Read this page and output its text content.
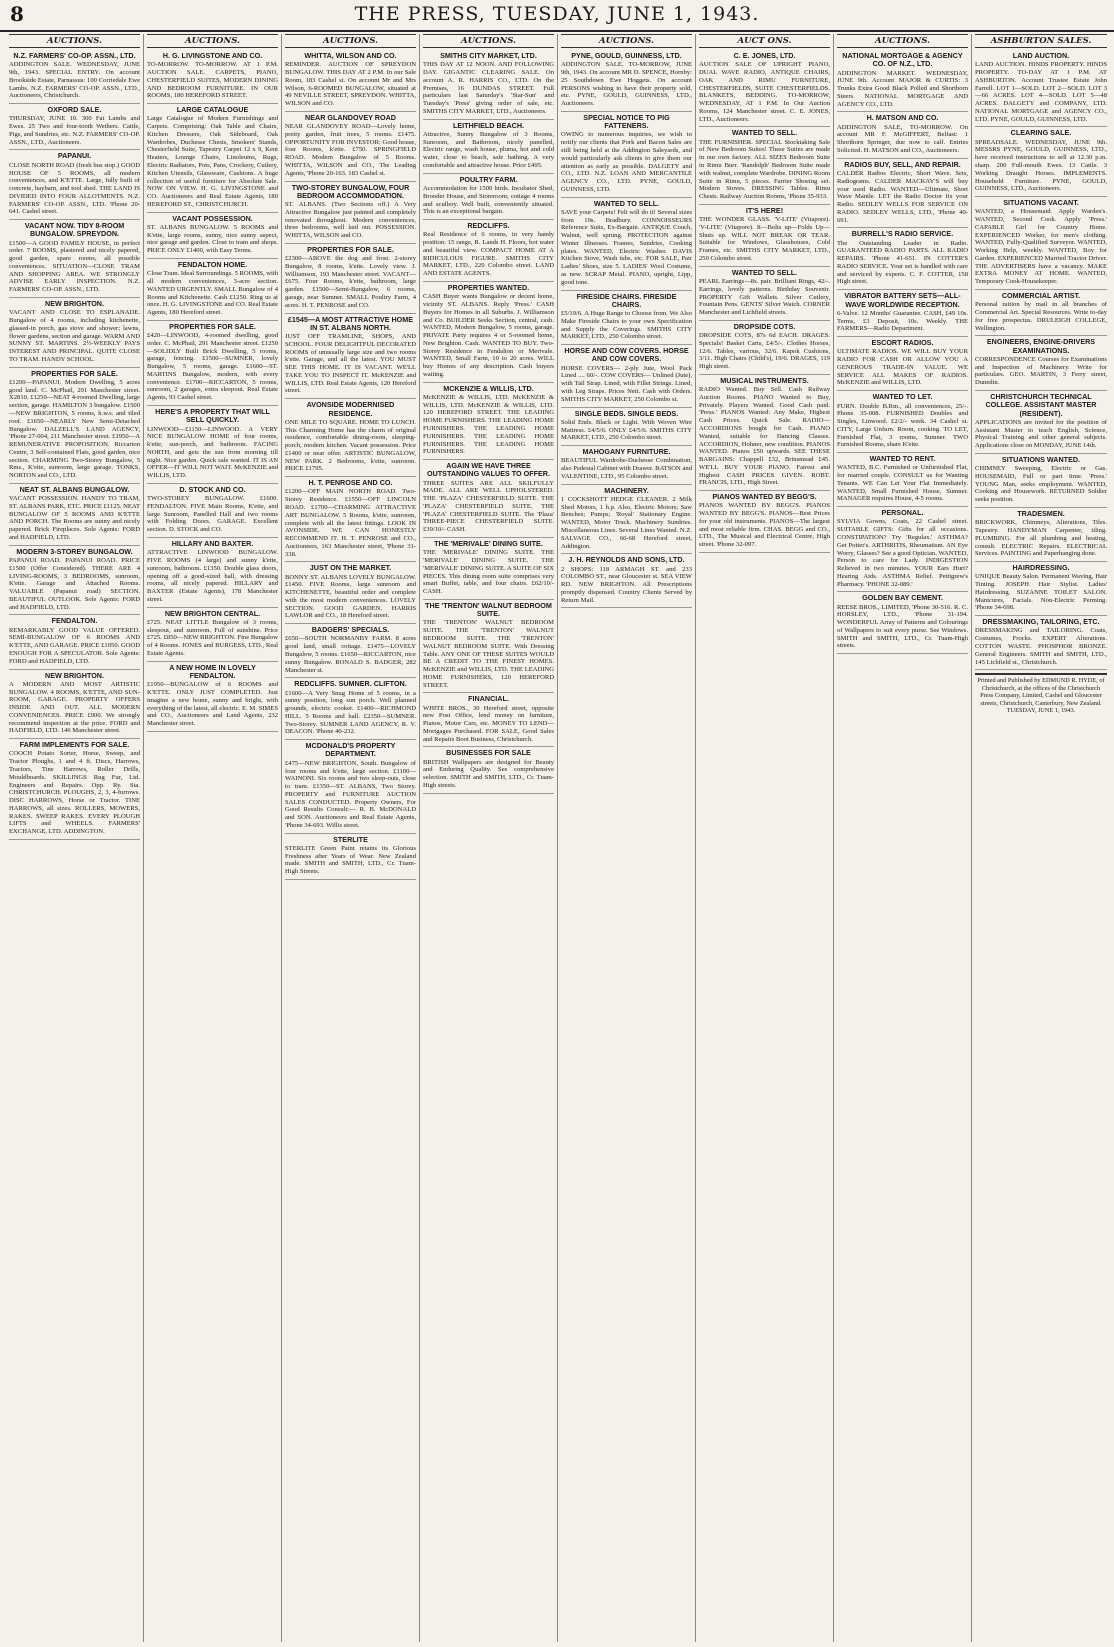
8	THE PRESS, TUESDAY, JUNE 1, 1943.
AUCTIONS.
N.Z. FARMERS' CO-OP. ASSN., LTD.
ADDINGTON SALE. WEDNESDAY, JUNE 9th, 1943. SPECIAL ENTRY. On account Brookside Estate, Parnassus: 100 Corriedale Ewe Lambs. N.Z. FARMERS' CO-OP. ASSN., LTD., Auctioneers, Christchurch.
OXFORD SALE.
THURSDAY, JUNE 10. 300 Fat Lambs and Ewes. 25 Two and four-tooth Wethers. Cattle, Pigs, and Sundries, etc. N.Z. FARMERS' CO-OP. ASSN., LTD., Auctioneers.
PAPANUI.
CLOSE NORTH ROAD (fresh bus stop.) GOOD HOUSE OF 5 ROOMS, all modern conveniences, and K'ETTE. Large, fully built of concrete, haybarn, and tool shed. THE LAND IS DIVIDED INTO FOUR ALLOTMENTS. N.Z. FARMERS' CO-OP. ASSN., LTD. 'Phone 20-641. Cashel street.
VACANT NOW. TIDY 8-ROOM BUNGALOW. SPREYDON.
£1500—A GOOD FAMILY HOUSE, in perfect order. 7 ROOMS, plastered and nicely papered, good garden, spare rooms, all possible conveniences. SITUATION—CLOSE TRAM AND SHOPPING AREA. WE STRONGLY ADVISE EARLY INSPECTION. N.Z. FARMERS' CO-OP. ASSN., LTD.
NEW BRIGHTON.
VACANT AND CLOSE TO ESPLANADE. Bungalow of 4 rooms, including kitchenette, glassed-in porch, gas stove and shower; lawns, flower gardens, section and garage. WARM AND SUNNY ST. MARTINS. 2½-WEEKLY PAYS INTEREST AND PRINCIPAL. QUITE CLOSE TO TRAM. HANDY SCHOOL.
PROPERTIES FOR SALE.
£1200—PAPANUI. Modern Dwelling, 5 acres good land. C. McPhail, 291 Manchester street. X2810. £1250—NEAT 4-roomed Dwelling, large section, garage. HAMILTON 3 bungalow. £1500—NEW BRIGHTON, 5 rooms, h.w.s. and tiled roof. £1650—NEARLY New Semi-Detached Bungalow. DALZELL'S LAND AGENCY, 'Phone 27-004, 211 Manchester street. £1950—A REMUNERATIVE PROPOSITION. Riccarton Centre, 3 Self-contained Flats, good garden, nice section. CHARMING Two-Storey Bungalow, 5 Rms., K'ette, sunroom, large garage. TONKS, NORTON and CO., LTD.
NEAT ST. ALBANS BUNGALOW.
VACANT POSSESSION. HANDY TO TRAM, ST. ALBANS PARK, ETC. PRICE £1125. NEAT BUNGALOW OF 5 ROOMS AND K'ETTE AND PORCH. The Rooms are sunny and nicely papered. Brick Fireplaces. Sole Agents: FORD and HADFIELD, LTD.
MODERN 3-STOREY BUNGALOW.
PAPANUI ROAD. PAPANUI ROAD. PRICE £1500 (Offer Considered). THERE ARE 4 LIVING-ROOMS, 3 BEDROOMS, sunroom, K'ette. Garage and Attached Rooms. VALUABLE (Papanui road) SECTION. BEAUTIFUL OUTLOOK. Sole Agents: FORD and HADFIELD, LTD.
FENDALTON.
REMARKABLY GOOD VALUE OFFERED. SEMI-BUNGALOW OF 6 ROOMS AND K'ETTE, AND GARAGE. PRICE £1050. GOOD ENOUGH FOR A SPECULATOR. Sole Agents: FORD and HADFIELD, LTD.
NEW BRIGHTON.
A MODERN AND MOST ARTISTIC BUNGALOW. 4 ROOMS, K'ETTE, AND SUN-ROOM, GARAGE. PROPERTY OFFERS INSIDE AND OUT. ALL MODERN CONVENIENCES. PRICE £900. We strongly recommend inspection at the price. FORD and HADFIELD, LTD. 146 Manchester street.
FARM IMPLEMENTS FOR SALE.
COOCH Potato Sorter, Horse, Sweep, and Tractor Ploughs, 1 and 4 ft. Discs, Harrows, Tractors, Tine Harrows, Roller Drills, Mouldboards. SKILLINGS Rug Fur, Ltd. Engineers and Repairs. Opp. Ry. Sta. CHRISTCHURCH. PLOUGHS, 2, 3, 4-furrows. DISC HARROWS, Horse or Tractor. TINE HARROWS, all sizes. ROLLERS, MOWERS, RAKES. SWEEP RAKES. EVERY PLOUGH LIFTS and WHEELS. FARMERS' EXCHANGE, LTD. ADDINGTON.
AUCTIONS.
H. G. LIVINGSTONE AND CO.
TO-MORROW. TO-MORROW. AT 1 P.M. AUCTION SALE. CARPETS, PIANO, CHESTERFIELD SUITES, MODERN DINING AND BEDROOM FURNITURE. IN OUR ROOMS, 180 HEREFORD STREET.
LARGE CATALOGUE
Large Catalogue of Modern Furnishings and Carpets. Comprising: Oak Table and Chairs, Kitchen Dressers, Oak Sideboard, Oak Wardrobes, Duchesse Chests, Smokers' Stands, Chesterfield Suite, Tapestry Carpet 12 x 9, Kent Heaters, Lounge Chairs, Linoleums, Rugs, Electric Radiators, Pots, Pans, Crockery, Cutlery, Kitchen Utensils, Glassware, Cushions. A huge collection of useful furniture for Absolute Sale. NOW ON VIEW. H. G. LIVINGSTONE and CO. Auctioneers and Real Estate Agents, 180 HEREFORD ST., CHRISTCHURCH.
VACANT POSSESSION.
ST. ALBANS BUNGALOW. 5 ROOMS and K'ette, large rooms, sunny, nice sunny aspect, nice garage and garden. Close to tram and shops. PRICE ONLY £1400, with Easy Terms.
FENDALTON HOME.
Close Tram. Ideal Surroundings. 5 ROOMS, with all modern conveniences, 3-acre section. WANTED URGENTLY. SMALL Bungalow of 4 Rooms and Kitchenette. Cash £1250. Ring us at once. H. G. LIVINGSTONE and CO. Real Estate Agents, 180 Hereford street.
PROPERTIES FOR SALE.
£420—LINWOOD, 4-roomed dwelling, good order. C. McPhail, 291 Manchester street. £1250—SOLIDLY Built Brick Dwelling, 5 rooms, garage, fencing. £1500—SUMNER, lovely Bungalow, 5 rooms, garage. £1600—ST. MARTINS Bungalow, modern, with every convenience. £1700—RICCARTON, 5 rooms, sunroom, 2 garages, extra sleepout. Real Estate Agents, 93 Cashel street.
HERE'S A PROPERTY THAT WILL SELL QUICKLY.
LINWOOD—£1150—LINWOOD. A VERY NICE BUNGALOW HOME of four rooms, k'ette, sun-porch, and bathroom. FACING NORTH, and gets the sun from morning till night. Nice garden. Quick sale wanted. IT IS AN OFFER—IT WILL NOT WAIT. McKENZIE and WILLIS, LTD.
D. STOCK AND CO.
TWO-STOREY BUNGALOW. £1600. FENDALTON. FIVE Main Rooms, K'ette, and large Sunroom, Panelled Hall and two rooms with Folding Doors. GARAGE. Excellent section. D. STOCK and CO.
HILLARY AND BAXTER.
ATTRACTIVE LINWOOD BUNGALOW. FIVE ROOMS (4 large) and sunny k'ette, sunroom, bathroom. £1350. Double glass doors, opening off a good-sized hall, with dressing rooms, all nicely papered. HILLARY and BAXTER (Estate Agents), 178 Manchester street.
NEW BRIGHTON CENTRAL.
£725. NEAT LITTLE Bungalow of 3 rooms, sleepout, and sunroom. Full of sunshine. Price £725. £850—NEW BRIGHTON. Fine Bungalow of 4 Rooms. JONES and BURGESS, LTD., Real Estate Agents.
A NEW HOME IN LOVELY FENDALTON.
£1950—BUNGALOW of 6 ROOMS and K'ETTE. ONLY JUST COMPLETED. Just imagine a new home, sunny and bright, with everything of the latest, all electric. E. M. SIMES and CO., Auctioneers and Land Agents, 232 Manchester street.
AUCTIONS.
WHITTA, WILSON AND CO.
REMINDER. AUCTION OF SPREYDON BUNGALOW. THIS DAY AT 2 P.M. In our Sale Room, 183 Cashel st. On account Mr and Mrs Wilson, 6-ROOMED BUNGALOW, situated at 49 NEVILLE STREET, SPREYDON. WHITTA, WILSON and CO.
NEAR GLANDOVEY ROAD
NEAR GLANDOVEY ROAD—Lovely home, pretty garden, fruit trees, 5 rooms. £1475. OPPORTUNITY FOR INVESTOR: Good house, four Rooms, k'ette. £750. SPRINGFIELD ROAD. Modern Bungalow of 5 Rooms. WHITTA, WILSON and CO., The Leading Agents, 'Phone 20-163. 183 Cashel st.
TWO-STOREY BUNGALOW, FOUR BEDROOM ACCOMMODATION.
ST. ALBANS. (Two Sections off.) A Very Attractive Bungalow just painted and completely renovated throughout. Modern conveniences, three bedrooms, well laid out. POSSESSION. WHITTA, WILSON and CO.
PROPERTIES FOR SALE.
£2300—ABOVE the dog and frost. 2-storey Bungalow, 8 rooms, k'ette. Lovely view. J. Williamson, 193 Manchester street. VACANT—£675. Four Rooms, k'ette, bathroom, large garden. £1500—Semi-Bungalow, 6 rooms, garage, near Sumner. SMALL Poultry Farm, 4 acres. H. T. PENROSE and CO.
£1545—A MOST ATTRACTIVE HOME IN ST. ALBANS NORTH.
JUST OFF TRAMLINE, SHOPS, AND SCHOOL. FOUR DELIGHTFUL DECORATED ROOMS of unusually large size and two rooms k'ette. Garage, and all the latest. YOU MUST SEE THIS HOME. IT IS VACANT. WE'LL TAKE YOU TO INSPECT IT. McKENZIE and WILLIS, LTD. Real Estate Agents, 120 Hereford street.
AVONSIDE MODERNISED RESIDENCE.
ONE MILE TO SQUARE. HOME TO LUNCH. This Charming Home has the charm of original residence, comfortable dining-room, sleeping-porch, modern kitchen. Vacant possession. Price £1400 or near offer. ARTISTIC BUNGALOW, NEW PARK. 2 Bedrooms, k'ette, sunroom. PRICE £1795.
H. T. PENROSE AND CO.
£1200—OFF MAIN NORTH ROAD. Two-Storey Residence. £1550—OFF LINCOLN ROAD. £1700—CHARMING ATTRACTIVE ART BUNGALOW. 5 Rooms, k'ette, sunroom, complete with all the latest fittings. LOOK IN AVONSIDE. WE CAN HONESTLY RECOMMEND IT. H. T. PENROSE and CO., Auctioneers, 163 Manchester street, 'Phone 31-338.
JUST ON THE MARKET.
BONNY ST. ALBANS LOVELY BUNGALOW. £1450. FIVE Rooms, large sunroom and KITCHENETTE, beautiful order and complete with the most modern conveniences. LOVELY SECTION. GOOD GARDEN. HARRIS LAWLOR and CO., 18 Hereford street.
BADGERS' SPECIALS.
£650—SOUTH NORMANBY FARM. 8 acres good land, small cottage. £1475—LOVELY Bungalow, 5 rooms. £1650—RICCARTON, nice sunny Bungalow. RONALD S. BADGER, 282 Manchester st.
REDCLIFFS. SUMNER. CLIFTON.
£1600—A Very Snug Home of 5 rooms, in a sunny position, long sun porch. Well planned grounds, electric cooker. £1400—RICHMOND HILL. 5 Rooms and hall. £2350—SUMNER. Two-Storey. SUMNER LAND AGENCY, R. V. DEACON. 'Phone 40-232.
MCDONALD'S PROPERTY DEPARTMENT.
£475—NEW BRIGHTON, South. Bungalow of four rooms and k'ette, large section. £1100—WAINONI. Six rooms and two sleep-outs, close to tram. £1350—ST. ALBANS, Two Storey. PROPERTY and FURNITURE AUCTION SALES CONDUCTED. Property Owners, For Good Results Consult:— R. B. McDONALD and SON. Auctioneers and Real Estate Agents, 'Phone 34-693. Willis street.
STERLITE
STERLITE Green Paint retains its Glorious Freshness after Years of Wear. New Zealand made. SMITH and SMITH, LTD., Cr. Tuam-High Streets.
AUCTIONS.
SMITHS CITY MARKET, LTD.
THIS DAY AT 12 NOON. AND FOLLOWING DAY. GIGANTIC CLEARING SALE. On account A. R. HARRIS CO., LTD. On the Premises, 16 DUNDAS STREET. Full particulars last Saturday's 'Star-Sun' and Tuesday's 'Press' giving order of sale, etc. SMITHS CITY MARKET, LTD., Auctioneers.
LEITHFIELD BEACH.
Attractive, Sunny Bungalow of 3 Rooms, Sunroom, and Bathroom, nicely panelled, Electric range, wash house, pluma, hot and cold water, close to beach, safe bathing. A very comfortable and attractive house. Price £495.
POULTRY FARM.
Accommodation for 1500 birds. Incubator Shed, Brooder House, and Storeroom; cottage 4 rooms and scullery. Well built, conveniently situated. This is an exceptional bargain.
REDCLIFFS.
Real Residence of 6 rooms, in very handy position. 15 range, R. Lands H. Floors, hot water and beautiful view. COMPACT HOME AT A RIDICULOUS FIGURE. SMITHS CITY MARKET, LTD., 220 Colombo street. LAND AND ESTATE AGENTS.
PROPERTIES WANTED.
CASH Buyer wants Bungalow or decent home, vicinity ST. ALBANS. Reply 'Press.' CASH Buyers for Homes in all Suburbs. J. Williamson and Co. BUILDER Seeks Section, central, cash. WANTED, Modern Bungalow, 5 rooms, garage. PRIVATE Party requires 4 or 5-roomed home, New Brighton. Cash. WANTED TO BUY. Two-Storey Residence in Fendalton or Merivale. WANTED, Small Farm, 10 to 20 acres. WILL buy Homes of any description. Cash buyers waiting.
MCKENZIE & WILLIS, LTD.
McKENZIE & WILLIS, LTD. McKENZIE & WILLIS, LTD. McKENZIE & WILLIS, LTD. 120 HEREFORD STREET. THE LEADING HOME FURNISHERS. THE LEADING HOME FURNISHERS. THE LEADING HOME FURNISHERS. THE LEADING HOME FURNISHERS. THE LEADING HOME FURNISHERS.
AGAIN WE HAVE THREE OUTSTANDING VALUES TO OFFER.
THREE SUITES ARE ALL SKILFULLY MADE. ALL ARE WELL UPHOLSTERED. THE 'PLAZA' CHESTERFIELD SUITE. THE 'PLAZA' CHESTERFIELD SUITE. THE 'PLAZA' CHESTERFIELD SUITE. The 'Plaza' THREE-PIECE CHESTERFIELD SUITE. £39/10/- CASH.
THE 'MERIVALE' DINING SUITE.
THE 'MERIVALE' DINING SUITE. THE 'MERIVALE' DINING SUITE. THE 'MERIVALE' DINING SUITE. A SUITE OF SIX PIECES. This dining room suite comprises very smart Buffet, table, and four chairs. £62/10/- CASH.
THE 'TRENTON' WALNUT BEDROOM SUITE.
THE 'TRENTON' WALNUT BEDROOM SUITE. THE 'TRENTON' WALNUT BEDROOM SUITE. THE 'TRENTON' WALNUT BEDROOM SUITE. With Dressing Table. ANY ONE OF THESE SUITES WOULD BE A CREDIT TO THE FINEST HOMES. McKENZIE and WILLIS, LTD. THE LEADING HOME FURNISHERS, 120 HEREFORD STREET.
FINANCIAL.
WHITE BROS., 30 Hereford street, opposite new Post Office, lend money on furniture, Pianos, Motor Cars, etc. MONEY TO LEND—Mortgages Purchased. FOR SALE, Good Sales and Repairs Boot Business, Christchurch.
BUSINESSES FOR SALE
BRITISH Wallpapers are designed for Beauty and Enduring Quality. See comprehensive selection. SMITH and SMITH, LTD., Cr. Tuam-High streets.
AUCTIONS.
PYNE, GOULD, GUINNESS, LTD.
ADDINGTON SALE. TO-MORROW, JUNE 9th, 1943. On account MR D. SPENCE, Hornby: 25 Southdown Ewe Hoggets. On account PERSONS wishing to have their property sold, etc. PYNE, GOULD, GUINNESS, LTD., Auctioneers.
SPECIAL NOTICE TO PIG FATTENERS.
OWING to numerous inquiries, we wish to notify our clients that Pork and Bacon Sales are still being held at the Addington Saleyards, and would particularly ask clients to give them our attention as early as possible. DALGETY and CO., LTD. N.Z. LOAN AND MERCANTILE AGENCY CO., LTD. PYNE, GOULD, GUINNESS, LTD.
WANTED TO SELL.
SAVE your Carpets! Felt will do it! Several sizes from 10s. Bradbury. CONNOISSEURS Reference Suits, Ex-Bargain. ANTIQUE Couch, Walnut, well sprung. PROTECTION against Winter Illnesses. Frames, Sundries, Cooking plates. WANTED, Electric Washer. DAVIS Kitchen Stove, Wash tubs, etc. FOR SALE, Pair Ladies' Shoes, size 5. LADIES' Wool Costume, as new. SCRAP Metal. PIANO, upright, Lipp, good tone.
FIRESIDE CHAIRS. FIRESIDE CHAIRS.
£5/19/6. A Huge Range to Choose from. We Also Make Fireside Chairs to your own Specification and Supply the Coverings. SMITHS CITY MARKET, LTD., 250 Colombo street.
HORSE AND COW COVERS. HORSE AND COW COVERS.
HORSE COVERS— 2-ply Jute, Wool Pack Lined .... 60/-. COW COVERS— Unlined (Jute), with Tail Strap. Lined, with Fillet Strings. Lined, with Leg Straps. Prices Nett. Cash with Orders. SMITHS CITY MARKET, 250 Colombo st.
SINGLE BEDS. SINGLE BEDS.
Solid Ends. Black or Light. With Woven Wire Mattress. £4/5/6. ONLY £4/5/6. SMITHS CITY MARKET, LTD., 250 Colombo street.
MAHOGANY FURNITURE.
BEAUTIFUL Wardrobe-Duchesse Combination, also Pedestal Cabinet with Drawer. BATSON and VALENTINE, LTD., 95 Colombo street.
MACHINERY.
1 COCKSHOTT HEDGE CLEANER. 2 Milk Shed Motors, 1 h.p. Also, Electric Motors; Saw Benches; Pumps; 'Royal' Stationary Engine. WANTED, Motor Truck. Machinery Sundries. Miscellaneous Lines. Several Lines Wanted. N.Z. SALVAGE CO., 66-68 Hereford street, Addington.
J. H. REYNOLDS AND SONS, LTD.
2 SHOPS: 118 ARMAGH ST. and 233 COLOMBO ST., near Gloucester st. SEA VIEW RD. NEW BRIGHTON. All Prescriptions promptly dispensed. Country Clients Served by Return Mail.
AUCT ONS.
C. E. JONES, LTD.
AUCTION SALE OF UPRIGHT PIANO, DUAL WAVE RADIO, ANTIQUE CHAIRS, OAK AND RIMU FURNITURE, CHESTERFIELDS, SUITE CHESTERFIELDS. BLANKETS, BEDDING. TO-MORROW, WEDNESDAY, AT 1 P.M. In Our Auction Rooms, 124 Manchester street. C. E. JONES, LTD., Auctioneers.
WANTED TO SELL.
THE FURNISHER. SPECIAL Stocktaking Sale of New Bedroom Suites! These Suites are made in our own factory. ALL SIZES Bedroom Suite in Rimu Burr. 'Randolph' Bedroom Suite made with walnut, complete Wardrobe. DINING Room Suite in Rimu, 5 pieces. Farrier Shoeing set. Modern Stoves. DRESSING Tables. Rimu Chests. Railway Auction Rooms, 'Phone 35-933.
IT'S HERE!
THE WONDER GLASS. 'V-LITE' (Vitapore). 'V-LITE' (Vitapore). It—Bolts up—Folds Up—Shuts up. WILL NOT BREAK OR TEAR. Suitable for Windows, Glasshouses, Cold Frames, etc. SMITHS CITY MARKET, LTD., 250 Colombo street.
WANTED TO SELL.
PEARL Earrings—8s. pair. Brilliant Rings, 42/-. Earrings, lovely patterns. Birthday Souvenir. PROPERTY Gift Wallets. Silver Cutlery, Fountain Pens. GENTS' Silver Watch. CORNER Manchester and Lichfield streets.
DROPSIDE COTS.
DROPSIDE COTS, 87s 6d EACH. DRAGES. Specials! Basket Carts, £4/5/-. Clothes Horses, 12/6. Tables, various, 32/6. Kapok Cushions, 3/11. High Chairs (Child's), 19/6. DRAGES, 119 High street.
MUSICAL INSTRUMENTS.
RADIO Wanted. Buy Sell. Cash Railway Auction Rooms. PIANO Wanted to Buy, Privately. Players Wanted. Good Cash paid. 'Press.' PIANOS Wanted: Any Make, Highest Cash Prices. Quick Sale. RADIO—ACCORDIONS bought for Cash. PIANO Wanted, suitable for Dancing Classes. ACCORDION, Hohner, new condition. PIANOS WANTED. Pianos £50 upwards. SEE THESE BARGAINS: Chappell £32, Brinsmead £45. WE'LL BUY YOUR PIANO. Fairest and Highest CASH PRICES GIVEN. ROBT. FRANCIS, LTD., High Street.
PIANOS WANTED BY BEGG'S.
PIANOS WANTED BY BEGG'S. PIANOS WANTED BY BEGG'S. PIANOS—Best Prices for your old instruments. PIANOS—The largest and most reliable firm. CHAS. BEGG and CO., LTD., The Musical and Electrical Centre, High street. 'Phone 32-097.
AUCTIONS.
NATIONAL MORTGAGE & AGENCY CO. OF N.Z., LTD.
ADDINGTON MARKET. WEDNESDAY, JUNE 9th. Account MAJOR & CURTIS: 3 Trunks Extra Good Black Polled and Shorthorn Steers. NATIONAL MORTGAGE AND AGENCY CO., LTD.
H. MATSON AND CO.
ADDINGTON SALE, TO-MORROW. On account MR F. McGIFFERT, Belfast: 1 Shorthorn Springer, due now to calf. Entries Solicited. H. MATSON and CO., Auctioneers.
RADIOS BUY, SELL, AND REPAIR.
CALDER Radios Electric, Short Wave. Sets, Radiograms. CALDER MACKAY'S will buy your used Radio. WANTED—Ultimate, Short Wave Mantle. LET the Radio Doctor fix your Radio. SEDLEY WELLS FOR SERVICE ON RADIO. SEDLEY WELLS, LTD., 'Phone 40-691.
BURRELL'S RADIO SERVICE.
The Outstanding Leader in Radio. GUARANTEED RADIO PARTS. ALL RADIO REPAIRS. 'Phone 41-651. IN COTTER'S RADIO SERVICE. Your set is handled with care and serviced by experts. C. F. COTTER, 158 High street.
VIBRATOR BATTERY SETS—ALL-WAVE WORLDWIDE RECEPTION.
6-Valve. 12 Months' Guarantee. CASH, £49 10s. Terms, £3 Deposit, 10s. Weekly. THE FARMERS—Radio Department.
ESCORT RADIOS.
ULTIMATE RADIOS. WE WILL BUY YOUR RADIO FOR CASH OR ALLOW YOU A GENEROUS TRADE-IN VALUE. WE SERVICE ALL MAKES OF RADIOS. McKENZIE and WILLIS, LTD.
WANTED TO LET.
FURN. Double B.Rm., all conveniences, 25/-. Phone 35-008. FURNISHED Doubles and Singles, Linwood. £2/2/- week. 34 Cashel st. CITY, Large Unfurn. Room, cooking. TO LET, Furnished Flat, 3 rooms, Sumner. TWO Furnished Rooms, share K'ette.
WANTED TO RENT.
WANTED, B.C. Furnished or Unfurnished Flat, for married couple. CONSULT us for Wanting Tenants. WE Can Let Your Flat Immediately. WANTED, Small Furnished House, Sumner. MANAGER requires House, 4-5 rooms.
PERSONAL.
SYLVIA Gowns, Coats, 22 Cashel street. SUITABLE GIFTS: Gifts for all occasions. CONSTIPATION? Try 'Regulax.' ASTHMA? Get Potter's. ARTHRITIS, Rheumatism. AN Eye Worry, Glasses? See a good Optician. WANTED, Person to care for Lady. INDIGESTION Relieved in two minutes. YOUR Ears Hurt? Hearing Aids. ASTHMA Relief. Pettigrew's Pharmacy. 'PHONE 32-089.'
GOLDEN BAY CEMENT.
REESE BROS., LIMITED, 'Phone 30-516. R. C. HORSLEY, LTD., 'Phone 31-194. WONDERFUL Array of Patterns and Colourings of Wallpapers to suit every purse. See Windows. SMITH and SMITH, LTD., Cr. Tuam-High streets.
ASHBURTON SALES.
LAND AUCTION.
LAND AUCTION. HINDS PROPERTY. HINDS PROPERTY. TO-DAY AT 1 P.M. AT ASHBURTON. Account Trustee Estate John Farrell. LOT 1—SOLD. LOT 2—SOLD. LOT 3—66 ACRES. LOT 4—SOLD. LOT 5—48 ACRES. DALGETY and COMPANY, LTD. NATIONAL MORTGAGE and AGENCY CO., LTD. PYNE, GOULD, GUINNESS, LTD.
CLEARING SALE.
SPREADSALE. WEDNESDAY, JUNE 9th. MESSRS PYNE, GOULD, GUINNESS, LTD., have received instructions to sell at 12.30 p.m. sharp. 200 Full-mouth Ewes. 13 Cattle. 3 Working Draught Horses. IMPLEMENTS. Household Furniture. PYNE, GOULD, GUINNESS, LTD., Auctioneers.
SITUATIONS VACANT.
WANTED, a Housemaid. Apply Warden's. WANTED, Second Cook. Apply 'Press.' CAPABLE Girl for Country Home. EXPERIENCED Worker, for men's clothing. WANTED, Fully-Qualified Surveyor. WANTED, Working Help, weekly. WANTED, Boy for Garden. EXPERIENCED Married Tractor Driver. THE ADVERTISERS have a vacancy. MAKE EXTRA MONEY AT HOME. WANTED, Temporary Cook-Housekeeper.
COMMERCIAL ARTIST.
Personal tuition by mail in all branches of Commercial Art. Special Resources. Write to-day for free prospectus. DRULEIGH COLLEGE, Wellington.
ENGINEERS, ENGINE-DRIVERS EXAMINATIONS.
CORRESPONDENCE Courses for Examinations and Inspection of Machinery. Write for particulars. GEO. MARTIN, 3 Ferry street, Dunedin.
CHRISTCHURCH TECHNICAL COLLEGE. ASSISTANT MASTER (RESIDENT).
APPLICATIONS are invited for the position of Assistant Master to teach English, Science, Physical Training and other general subjects. Applications close on MONDAY, JUNE 14th.
SITUATIONS WANTED.
CHIMNEY Sweeping, Electric or Gas. HOUSEMAID, Full or part time. 'Press.' YOUNG Man, seeks employment. WANTED, Cooking and Housework. RETURNED Soldier seeks position.
TRADESMEN.
BRICKWORK, Chimneys, Alterations, Tiles. Tapestry. HANDYMAN Carpenter, tiling. PLUMBING. For all plumbing and heating, consult. ELECTRIC Repairs. ELECTRICAL Services. PAINTING and Paperhanging done.
HAIRDRESSING.
UNIQUE Beauty Salon. Permanent Waving, Hair Tinting. JOSEPH Hair Stylist. Ladies' Hairdressing. SUZANNE TOILET SALON. Manicures, Facials. Non-Electric Perming. 'Phone 34-698.
DRESSMAKING, TAILORING, ETC.
DRESSMAKING and TAILORING. Coats, Costumes, Frocks. EXPERT Alterations. COTTON WASTE. PHOSPHOR BRONZE. General Engineers. SMITH and SMITH, LTD., 145 Lichfield st., Christchurch.
Printed and Published by EDMUND R. HYDE, of Christchurch, at the offices of the Christchurch Press Company, Limited, Cashel and Gloucester streets, Christchurch, Canterbury, New Zealand.
TUESDAY, JUNE 1, 1943.
